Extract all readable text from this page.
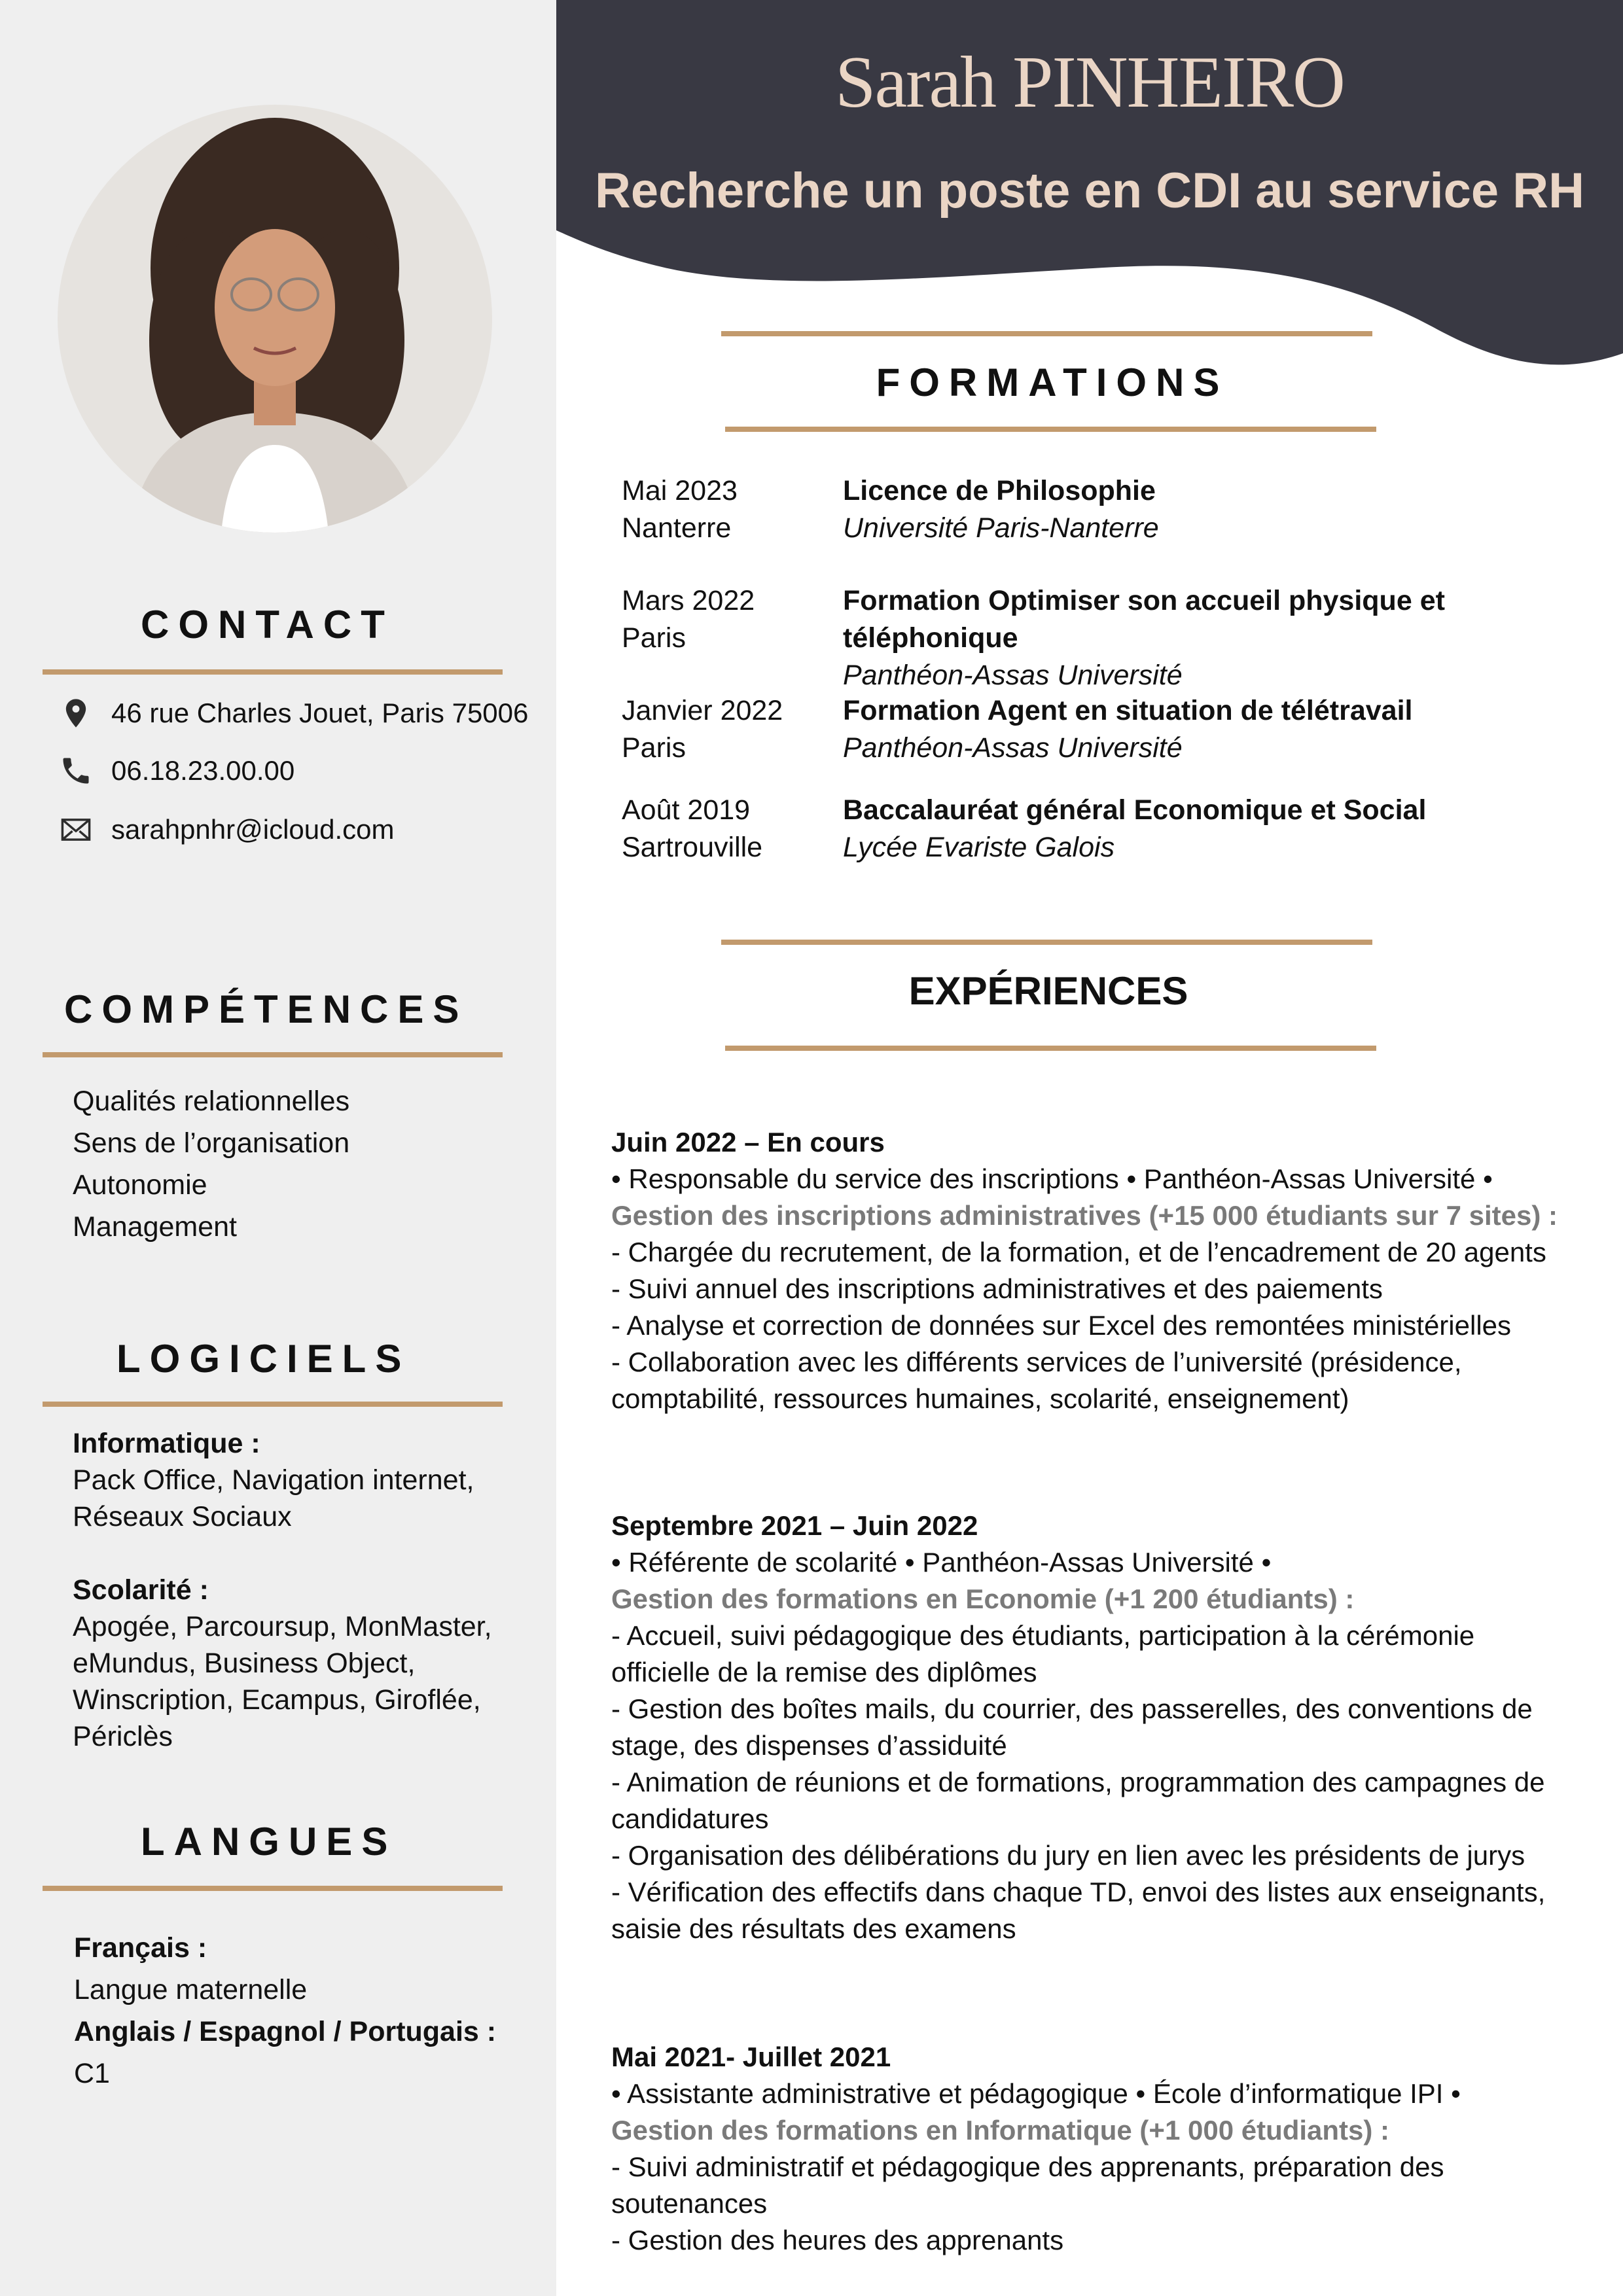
Sarah PINHEIRO
Recherche un poste en CDI au service RH
CONTACT
46 rue Charles Jouet, Paris 75006
06.18.23.00.00
sarahpnhr@icloud.com
COMPÉTENCES
Qualités relationnelles
Sens de l’organisation
Autonomie
Management
LOGICIELS
Informatique :
Pack Office, Navigation internet,
Réseaux Sociaux
Scolarité :
Apogée, Parcoursup, MonMaster,
eMundus, Business Object,
Winscription, Ecampus, Giroflée,
Périclès
LANGUES
Français :
Langue maternelle
Anglais / Espagnol / Portugais :
C1
FORMATIONS
Mai 2023
Nanterre
Licence de Philosophie
Université Paris-Nanterre
Mars 2022
Paris
Formation Optimiser son accueil physique et téléphonique
Panthéon-Assas Université
Janvier 2022
Paris
Formation Agent en situation de télétravail
Panthéon-Assas Université
Août 2019
Sartrouville
Baccalauréat général Economique et Social
Lycée Evariste Galois
EXPÉRIENCES
Juin 2022 – En cours
• Responsable du service des inscriptions • Panthéon-Assas Université •
Gestion des inscriptions administratives (+15 000 étudiants sur 7 sites) :
- Chargée du recrutement, de la formation, et de l’encadrement de 20 agents
- Suivi annuel des inscriptions administratives et des paiements
- Analyse et correction de données sur Excel des remontées ministérielles
- Collaboration avec les différents services de l’université (présidence,
comptabilité, ressources humaines, scolarité, enseignement)
Septembre 2021 – Juin 2022
• Référente de scolarité • Panthéon-Assas Université •
Gestion des formations en Economie (+1 200 étudiants) :
- Accueil, suivi pédagogique des étudiants, participation à la cérémonie
officielle de la remise des diplômes
- Gestion des boîtes mails, du courrier, des passerelles, des conventions de
stage, des dispenses d’assiduité
- Animation de réunions et de formations, programmation des campagnes de
candidatures
- Organisation des délibérations du jury en lien avec les présidents de jurys
- Vérification des effectifs dans chaque TD, envoi des listes aux enseignants,
saisie des résultats des examens
Mai 2021- Juillet 2021
• Assistante administrative et pédagogique • École d’informatique IPI •
Gestion des formations en Informatique (+1 000 étudiants) :
- Suivi administratif et pédagogique des apprenants, préparation des
soutenances
- Gestion des heures des apprenants
